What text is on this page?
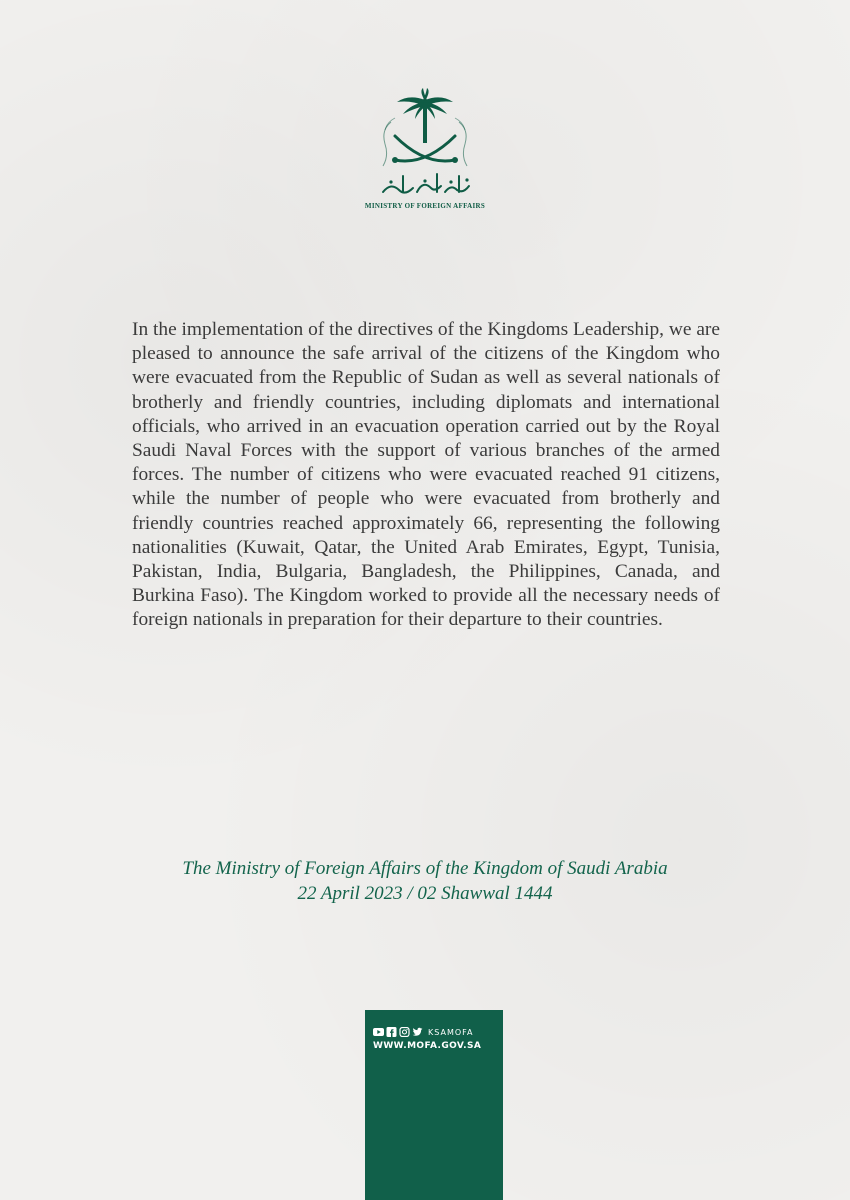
MINISTRY OF FOREIGN AFFAIRS

In the implementation of the directives of the Kingdoms Leadership, we are pleased to announce the safe arrival of the citizens of the Kingdom who were evacuated from the Republic of Sudan as well as several nationals of brotherly and friendly countries, including diplomats and international officials, who arrived in an evacuation operation carried out by the Royal Saudi Naval Forces with the support of various branches of the armed forces. The number of citizens who were evacuated reached 91 citizens, while the number of people who were evacuated from brotherly and friendly countries reached approximately 66, representing the following nationalities (Kuwait, Qatar, the United Arab Emirates, Egypt, Tunisia, Pakistan, India, Bulgaria, Bangladesh, the Philippines, Canada, and Burkina Faso). The Kingdom worked to provide all the necessary needs of foreign nationals in preparation for their departure to their countries.

The Ministry of Foreign Affairs of the Kingdom of Saudi Arabia
22 April 2023 / 02 Shawwal 1444
KSAMOFA
WWW.MOFA.GOV.SA
